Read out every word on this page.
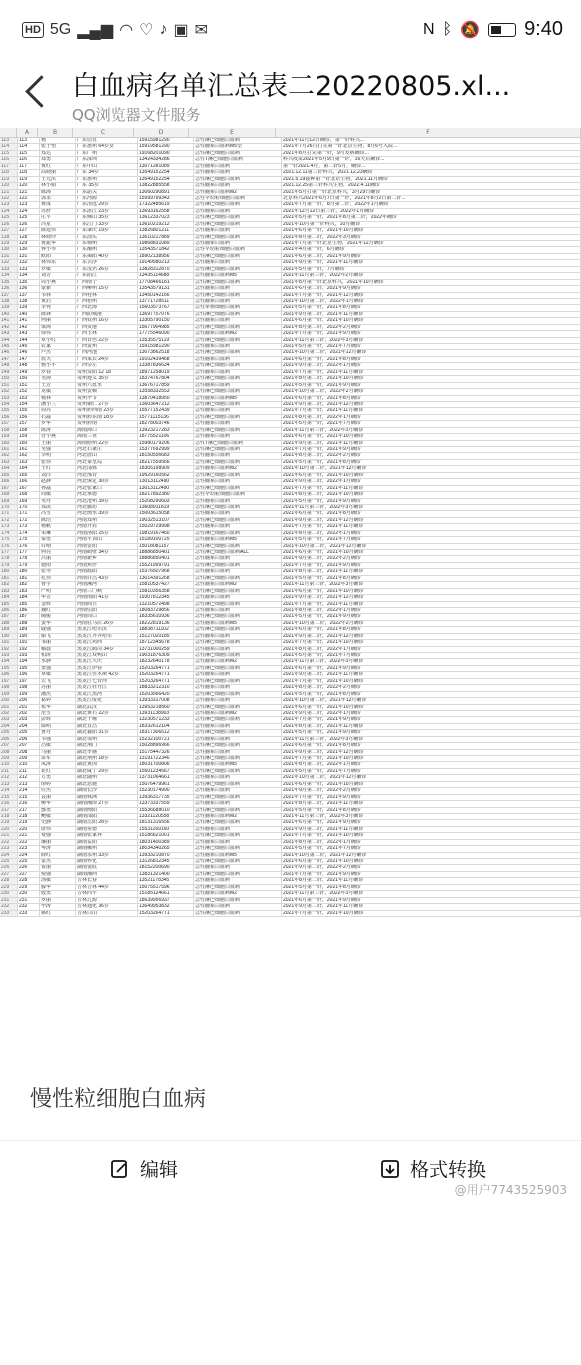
HD 5G ▂▄▆ ◠ ♡ ♪ ▣ ✉	N ᛒ 🔕 9:40
白血病名单汇总表二20220805.xl...
QQ浏览器文件服务
A	B	C	D	E	F
113	113	杨	广东信宜	15915981290	急性淋巴细胞白血病	2021年11月12日确诊，第一针科兴...
114	114	张子怡	广东惠州 64岁女	15919581290	急性髓系白血病M5型	2021年7月26日打完第一针北京生物，8月6号入院...
115	115	郑达	广东广州	19168201090	急性淋巴细胞白血病	2021年8月打完第一针，9月发病确诊...
116	116	郑勇	广东深圳	13424334286	急性T淋巴细胞白血病	科兴疫苗2021年5月9日第一针，16天后确诊...
117	117	黄红	广东中山	13071281089	急性髓系白血病	第一针2021.4月，第二针5月，确诊...
118	118	高晓丽	广东 34岁	13549152254	急性髓系白血病	2021.12.11第三针科兴，2021.12.23确诊
119	119	王元洪	广东惠州	13549152254	急性淋巴细胞白血病	2021.5.19接种第一针北京生物，2021.11月确诊
120	120	林小娟	广东 35岁	13822885558	急性髓系白血病	2021.12.25第三针科兴生物，2022.4.11确诊
121	121	陈海	广东韶关	13060290891	急性髓系白血病M2	2021年5月打第一针北京科兴，3月29日确诊
122	122	郭永	广东河源	15999799343	急性早幼粒细胞白血病	北京科兴2021年6月7日第一针，2021年8月2日第二针...
123	123	黄成	广东清远 29岁	17322485619	急性淋巴细胞白血病	2021年7月第一针，8月第二针，2022年1月确诊
124	124	苏舒	广东湛江 23岁	13693162558	急性髓系白血病	2021年12月12日第三针，2022年1月确诊
125	125	庄平	广东佛山 35岁	13612337023	急性淋巴细胞白血病	2021年5月第一针，2021年8月第二针，2022年确诊
126	126	冯星	广东江门 33岁	13610219212	急性淋巴细胞白血病	2021年10月第一针科兴，10月确诊
127	127	陈建伟	广东肇庆 19岁	13826801211	急性髓系白血病	2021年6月第一针，2021年10月确诊
128	128	林晓玲	广东汕头	13610217889	急性淋巴细胞白血病	2021年8月第二针，2022年3月确诊
129	129	黄振华	广东梅州	19868831089	急性髓系白血病	2021年7月第一针北京生物，2021年12月确诊
130	130	钟小琴	广东潮州	13543571842	急性早幼粒细胞白血病	2021年4月第一针，6月确诊
131	131	欧阳	广东揭阳 40岁	18902138956	急性淋巴细胞白血病	2021年6月第二针，2021年9月确诊
132	132	林伟东	广东云浮	19149580213	急性髓系白血病	2021年9月第一针，2021年11月确诊
133	133	罗敏	广东茂名 26岁	13828312870	急性淋巴细胞白血病	2021年5月第一针，7月确诊
134	134	刘芳	广东阳江	13435114688	急性髓系白血病M5	2021年11月第三针，2022年2月确诊
135	135	周小燕	广西南宁	17708466181	急性淋巴细胞白血病	2021年8月第一针北京科兴，2021年10月确诊
136	136	蒙新	广西柳州 15岁	13543579131	急性髓系白血病	2021年6月第二针，2021年9月确诊
137	137	韦林	广西桂林	13450142166	急性淋巴细胞白血病	2021年7月第一针，2021年12月确诊
138	138	黄启	广西梧州	13771728511	急性髓系白血病	2021年10月第二针，2022年1月确诊
139	139	李秀	广西北海	15603573767	急性单核细胞白血病	2021年5月第一针，2021年8月确诊
140	140	陈锋	广西防城港	13697757076	急性淋巴细胞白血病	2021年9月第二针，2021年11月确诊
141	141	何丽	广西钦州 16岁	13305790150	急性髓系白血病	2021年6月第一针，2021年10月确诊
142	142	梁海	广西贵港	15677904985	急性淋巴细胞白血病	2021年8月第二针，2022年2月确诊
143	143	谭伟	广西玉林	17775546090	急性髓系白血病M2	2021年7月第一针，2021年9月确诊
144	144	覃小红	广西百色 22岁	13535575119	急性淋巴细胞白血病	2021年11月第三针，2022年3月确诊
145	145	农家	广西贺州	15915981290	急性髓系白血病	2021年5月第一针，2021年7月确诊
146	146	卢杰	广西河池	13073862518	急性淋巴细胞白血病	2021年10月第二针，2021年12月确诊
147	147	蓝天	广西来宾 24岁	19102439468	急性髓系白血病	2021年6月第一针，2021年8月确诊
148	148	杨小平	广西崇左	13387836634	急性淋巴细胞白血病	2021年9月第二针，2022年1月确诊
149	149	罗春	贵州贵阳 12 18	18971258019	急性髓系白血病	2021年7月第一针，2021年11月确诊
150	150	吴海	贵州遵义 35岁	18374767804	急性淋巴细胞白血病	2021年8月第二针，2021年10月确诊
151	151	王芳	贵州六盘水	13676717859	急性髓系白血病	2021年5月第一针，2021年9月确诊
152	152	龙敏	贵州安顺	13558332553	急性淋巴细胞白血病	2021年10月第二针，2022年2月确诊
153	153	杨林	贵州毕节	13870418950	急性髓系白血病M5	2021年6月第一针，2021年8月确诊
154	154	潘小兰	贵州铜仁 27岁	13603647212	急性淋巴细胞白血病	2021年9月第二针，2021年12月确诊
155	155	周亮	贵州黔西南 23岁	15577152439	急性髓系白血病	2021年7月第一针，2021年11月确诊
156	156	石磊	贵州黔东南 18岁	15771115136	急性淋巴细胞白血病	2021年8月第二针，2022年1月确诊
157	157	罗华	贵州黔南	18278003746	急性髓系白血病	2021年5月第一针，2021年7月确诊
158	158	陈涛	海南海口	13923217283	急性淋巴细胞白血病	2021年11月第三针，2022年3月确诊
159	159	符小燕	海南三亚	18775521106	急性髓系白血病	2021年6月第一针，2021年10月确诊
160	160	王丽	海南儋州 22岁	15980179206	急性T淋巴细胞白血病	2021年9月第二针，2021年11月确诊
161	161	吴强	河北石家庄	15377692999	急性淋巴细胞白血病	2021年7月第一针，2021年9月确诊
162	162	李明	河北唐山	18150556683	急性髓系白血病	2021年8月第二针，2022年2月确诊
163	163	张伟	河北秦皇岛	18217559566	急性淋巴细胞白血病	2021年5月第一针，2021年8月确诊
164	164	王红	河北邯郸	18305198909	急性髓系白血病M2	2021年10月第二针，2021年12月确诊
165	165	刘洋	河北邢台	19529160562	急性淋巴细胞白血病	2021年6月第一针，2021年10月确诊
166	166	赵静	河北保定 30岁	13013112490	急性髓系白血病	2021年9月第二针，2022年1月确诊
167	167	孙磊	河北张家口	13013112490	急性淋巴细胞白血病	2021年7月第一针，2021年11月确诊
168	168	周敏	河北承德	18217892380	急性早幼粒细胞白血病	2021年8月第二针，2021年10月确诊
169	169	吴丹	河北沧州 39岁	15208290603	急性髓系白血病	2021年5月第一针，2021年9月确诊
170	170	郑凯	河北廊坊	13608911819	急性淋巴细胞白血病	2021年11月第三针，2022年3月确诊
171	171	冯雪	河北衡水 39岁	15003615058	急性髓系白血病	2021年6月第一针，2021年8月确诊
172	172	陈浩	河南郑州	19032513107	急性淋巴细胞白血病	2021年9月第二针，2021年12月确诊
173	173	杨帆	河南开封	15029729998	急性髓系白血病	2021年7月第一针，2021年11月确诊
174	174	朱琳	河南洛阳 25岁	19819167460	急性淋巴细胞白血病	2021年8月第二针，2022年1月确诊
175	175	秦勇	河南平顶山	15189100725	急性髓系白血病M5	2021年5月第一针，2021年7月确诊
176	176	许晴	河南安阳	15018081157	急性淋巴细胞白血病	2021年10月第二针，2021年12月确诊
177	177	何亮	河南鹤壁 34岁	18886850401	急性淋巴细胞白血病ALL	2021年6月第一针，2021年10月确诊
178	178	吕丽	河南新乡	18886850401	急性髓系白血病	2021年9月第二针，2022年2月确诊
179	179	施雨	河南焦作	15521999791	急性淋巴细胞白血病	2021年7月第一针，2021年9月确诊
180	180	张琴	河南濮阳	15376507968	急性髓系白血病	2021年8月第二针，2021年11月确诊
181	181	孔伟	河南许昌 43岁	13014391268	急性淋巴细胞白血病	2021年5月第一针，2021年8月确诊
182	182	曹宇	河南漯河	15810537427	急性髓系白血病M2	2021年11月第三针，2022年3月确诊
183	183	严明	河南三门峡	15810356358	急性淋巴细胞白血病	2021年6月第一针，2021年10月确诊
184	184	华芳	河南南阳 41岁	19307812345	急性髓系白血病	2021年9月第二针，2021年12月确诊
185	185	金辉	河南商丘	13210572498	急性淋巴细胞白血病	2021年7月第一针，2021年11月确诊
186	186	魏红	河南信阳	18083729856	急性髓系白血病	2021年8月第二针，2022年1月确诊
187	187	陶俊	河南周口	18335610936	急性淋巴细胞白血病	2021年5月第一针，2021年9月确诊
188	188	姜华	河南驻马店 26岁	18222819136	急性髓系白血病M5	2021年10月第二针，2022年2月确诊
189	189	戚强	黑龙江哈尔滨	18838711102	急性淋巴细胞白血病	2021年6月第一针，2021年8月确诊
190	190	谢飞	黑龙江齐齐哈尔	15127020185	急性髓系白血病	2021年9月第二针，2021年12月确诊
191	191	邹丽	黑龙江鸡西	18712345678	急性淋巴细胞白血病	2021年7月第一针，2021年10月确诊
192	192	喻晨	黑龙江鹤岗 34岁	13731000259	急性髓系白血病	2021年8月第二针，2022年1月确诊
193	193	柏涛	黑龙江双鸭山	19031876309	急性淋巴细胞白血病	2021年5月第一针，2021年7月确诊
194	194	水静	黑龙江大庆	18232640178	急性髓系白血病M2	2021年11月第三针，2022年3月确诊
195	195	窦强	黑龙江伊春	15203264771	急性淋巴细胞白血病	2021年6月第一针，2021年9月确诊
196	196	章敏	黑龙江佳木斯 42岁	15203264771	急性髓系白血病	2021年9月第二针，2021年11月确诊
197	197	云飞	黑龙江七台河	15203264771	急性淋巴细胞白血病	2021年7月第一针，2021年10月确诊
198	198	苏丽	黑龙江牡丹江	18833212310	急性髓系白血病	2021年8月第二针，2022年2月确诊
199	199	潘杰	黑龙江黑河	15203566420	急性淋巴细胞白血病	2021年5月第一针，2021年8月确诊
200	200	葛婷	黑龙江绥化	13933317008	急性髓系白血病	2021年10月第二针，2021年12月确诊
201	201	奚华	湖北武汉	13953218560	急性淋巴细胞白血病	2021年6月第一针，2021年10月确诊
202	202	范雪	湖北黄石 22岁	13931138903	急性髓系白血病M2	2021年9月第二针，2022年1月确诊
203	203	彭辉	湖北十堰	13230571233	急性淋巴细胞白血病	2021年7月第一针，2021年9月确诊
204	204	郎明	湖北宜昌	18332612104	急性髓系白血病	2021年8月第二针，2021年11月确诊
205	205	鲁丹	湖北襄阳 31岁	18317306512	急性淋巴细胞白血病	2021年5月第一针，2021年9月确诊
206	206	韦强	湖北鄂州	15232100721	急性髓系白血病	2021年11月第三针，2022年3月确诊
207	207	昌敏	湖北荆门	15028896966	急性淋巴细胞白血病	2021年6月第一针，2021年8月确诊
208	208	马丽	湖北孝感	15175447326	急性髓系白血病	2021年9月第二针，2021年12月确诊
209	209	苗军	湖北荆州 18岁	13191722346	急性淋巴细胞白血病	2021年7月第一针，2021年10月确诊
210	210	凤涛	湖北黄冈	18031700806	急性髓系白血病M5	2021年8月第二针，2022年1月确诊
211	211	花红	湖北咸宁 29岁	15601234567	急性淋巴细胞白血病	2021年5月第一针，2021年7月确诊
212	212	方勇	湖北随州	13731064661	急性髓系白血病	2021年10月第二针，2021年12月确诊
213	213	俞婷	湖北恩施	15076479961	急性淋巴细胞白血病	2021年6月第一针，2021年10月确诊
214	214	任杰	湖南长沙	15230174990	急性髓系白血病	2021年9月第二针，2022年2月确诊
215	215	袁丽	湖南株洲	13936317735	急性淋巴细胞白血病	2021年7月第一针，2021年9月确诊
216	216	柳华	湖南湘潭 27岁	13373337559	急性髓系白血病	2021年8月第二针，2021年11月确诊
217	217	酆勇	湖南衡阳	15536688010	急性淋巴细胞白血病	2021年5月第一针，2021年8月确诊
218	218	鲍敏	湖南邵阳	13321120558	急性髓系白血病M2	2021年11月第三针，2022年3月确诊
219	219	史静	湖南岳阳 28岁	18131316556	急性淋巴细胞白血病	2021年6月第一针，2021年9月确诊
220	220	唐伟	湖南常德	15531169160	急性髓系白血病	2021年9月第二针，2021年11月确诊
221	221	费强	湖南张家界	15186621001	急性淋巴细胞白血病	2021年7月第一针，2021年10月确诊
222	222	廉丽	湖南益阳	18031400389	急性髓系白血病	2021年8月第二针，2022年1月确诊
223	223	岑涛	湖南郴州	18034340265	急性淋巴细胞白血病	2021年5月第一针，2021年7月确诊
224	224	薛红	湖南永州 33岁	13933210870	急性髓系白血病M5	2021年10月第二针，2021年12月确诊
225	225	雷杰	湖南怀化	13126812345	急性淋巴细胞白血病	2021年6月第一针，2021年10月确诊
226	226	贺丽	湖南娄底	18152200690	急性髓系白血病	2021年9月第二针，2022年2月确诊
227	227	倪强	湖南湘西	13831321400	急性淋巴细胞白血病	2021年7月第一针，2021年9月确诊
228	228	汤敏	吉林长春	13521178345	急性髓系白血病	2021年8月第二针，2021年11月确诊
229	229	滕华	吉林吉林 44岁	15075517596	急性淋巴细胞白血病	2021年5月第一针，2021年8月确诊
230	230	殷勇	吉林四平	15185124661	急性髓系白血病M2	2021年11月第三针，2022年3月确诊
231	231	罗丽	吉林辽源	18639956937	急性淋巴细胞白血病	2021年6月第一针，2021年9月确诊
232	232	毕涛	吉林通化 36岁	13649953832	急性髓系白血病	2021年9月第二针，2021年11月确诊
233	233	郝红	吉林白山	15203264771	急性淋巴细胞白血病	2021年7月第一针，2021年10月确诊
慢性粒细胞白血病
编辑	格式转换
@用户7743525903
